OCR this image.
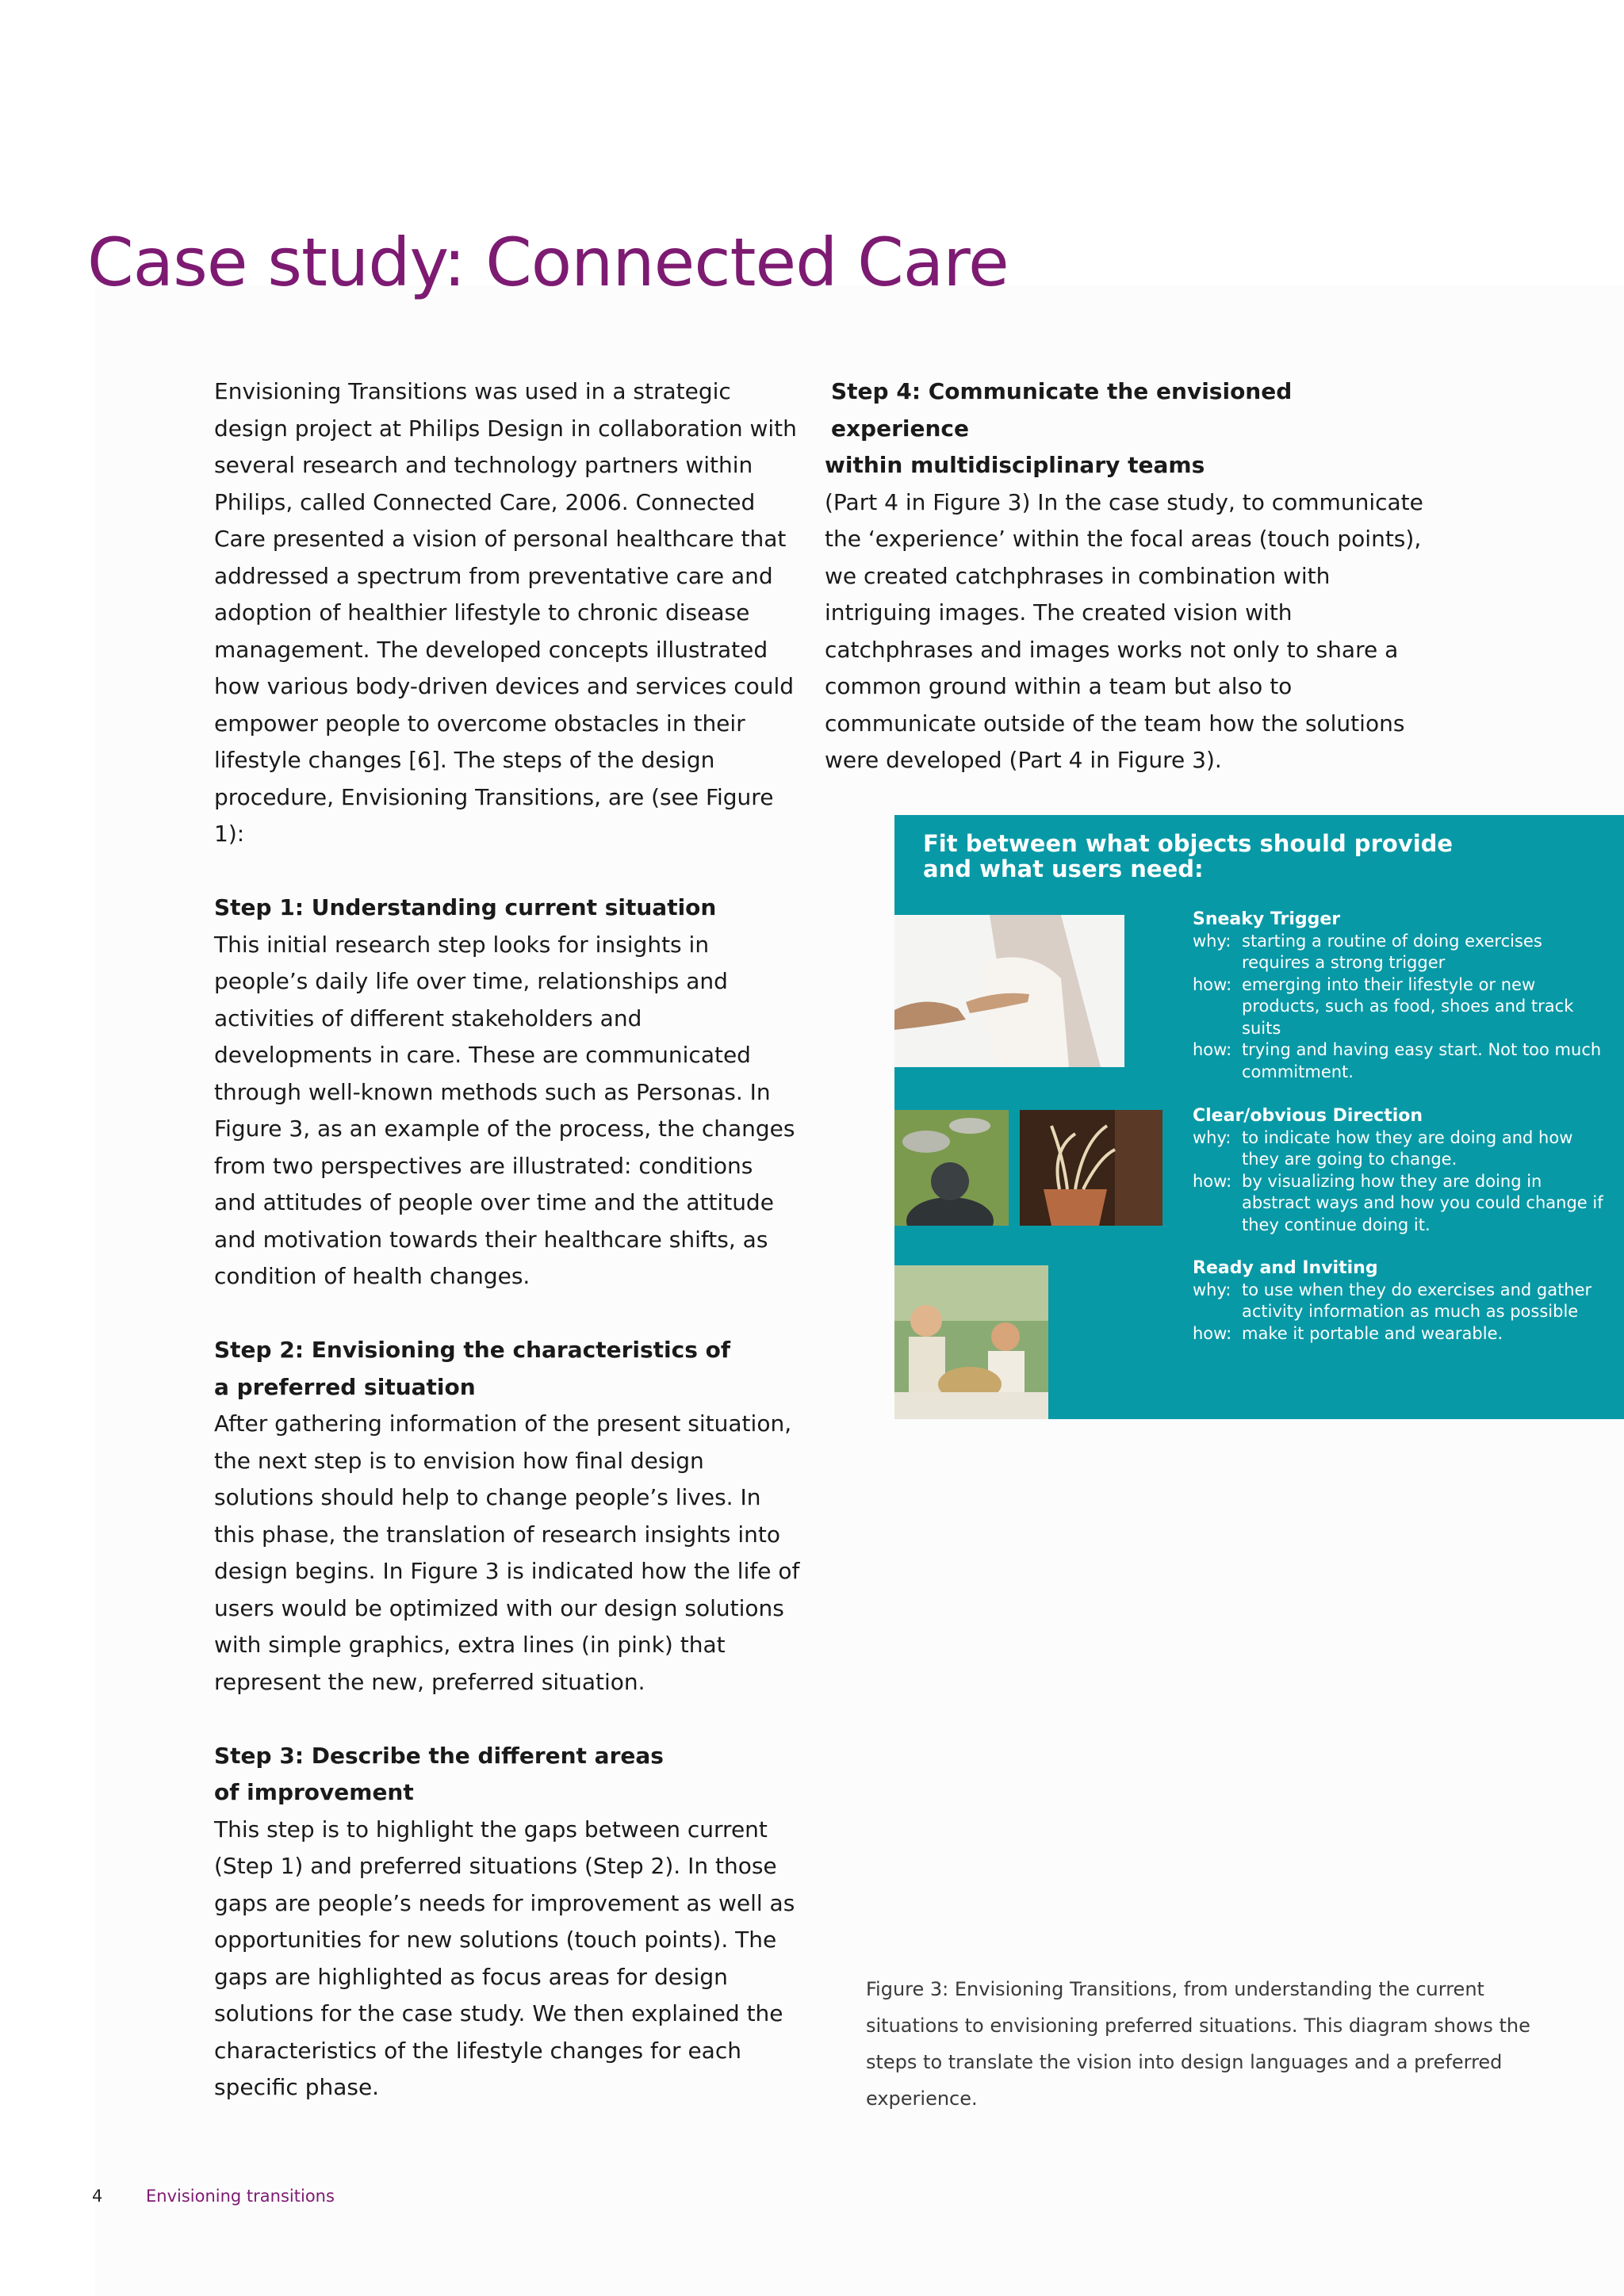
Case study: Connected Care

Envisioning Transitions was used in a strategic design project at Philips Design in collaboration with several research and technology partners within Philips, called Connected Care, 2006. Connected Care presented a vision of personal healthcare that addressed a spectrum from preventative care and adoption of healthier lifestyle to chronic disease management. The developed concepts illustrated how various body-driven devices and services could empower people to overcome obstacles in their lifestyle changes [6]. The steps of the design procedure, Envisioning Transitions, are (see Figure 1):

Step 1: Understanding current situation

This initial research step looks for insights in people’s daily life over time, relationships and activities of different stakeholders and developments in care. These are communicated through well-known methods such as Personas. In Figure 3, as an example of the process, the changes from two perspectives are illustrated: conditions and attitudes of people over time and the attitude and motivation towards their healthcare shifts, as condition of health changes.

Step 2: Envisioning the characteristics of

a preferred situation

After gathering information of the present situation, the next step is to envision how final design solutions should help to change people’s lives. In this phase, the translation of research insights into design begins. In Figure 3 is indicated how the life of users would be optimized with our design solutions with simple graphics, extra lines (in pink) that represent the new, preferred situation.

Step 3: Describe the different areas

of improvement

This step is to highlight the gaps between current (Step 1) and preferred situations (Step 2). In those gaps are people’s needs for improvement as well as opportunities for new solutions (touch points). The gaps are highlighted as focus areas for design solutions for the case study. We then explained the characteristics of the lifestyle changes for each specific phase.

Step 4: Communicate the envisioned experience

within multidisciplinary teams

(Part 4 in Figure 3) In the case study, to communicate the ‘experience’ within the focal areas (touch points), we created catchphrases in combination with intriguing images. The created vision with catchphrases and images works not only to share a common ground within a team but also to communicate outside of the team how the solutions were developed (Part 4 in Figure 3).

Fit between what objects should provide and what users need:
Sneaky Trigger
why: starting a routine of doing exercises requires a strong trigger
how: emerging into their lifestyle or new products, such as food, shoes and track suits
how: trying and having easy start. Not too much commitment.
Clear/obvious Direction
why: to indicate how they are doing and how they are going to change.
how: by visualizing how they are doing in abstract ways and how you could change if they continue doing it.
Ready and Inviting
why: to use when they do exercises and gather activity information as much as possible
how: make it portable and wearable.
Figure 3: Envisioning Transitions, from understanding the current situations to envisioning preferred situations. This diagram shows the steps to translate the vision into design languages and a preferred experience.
4	Envisioning transitions
